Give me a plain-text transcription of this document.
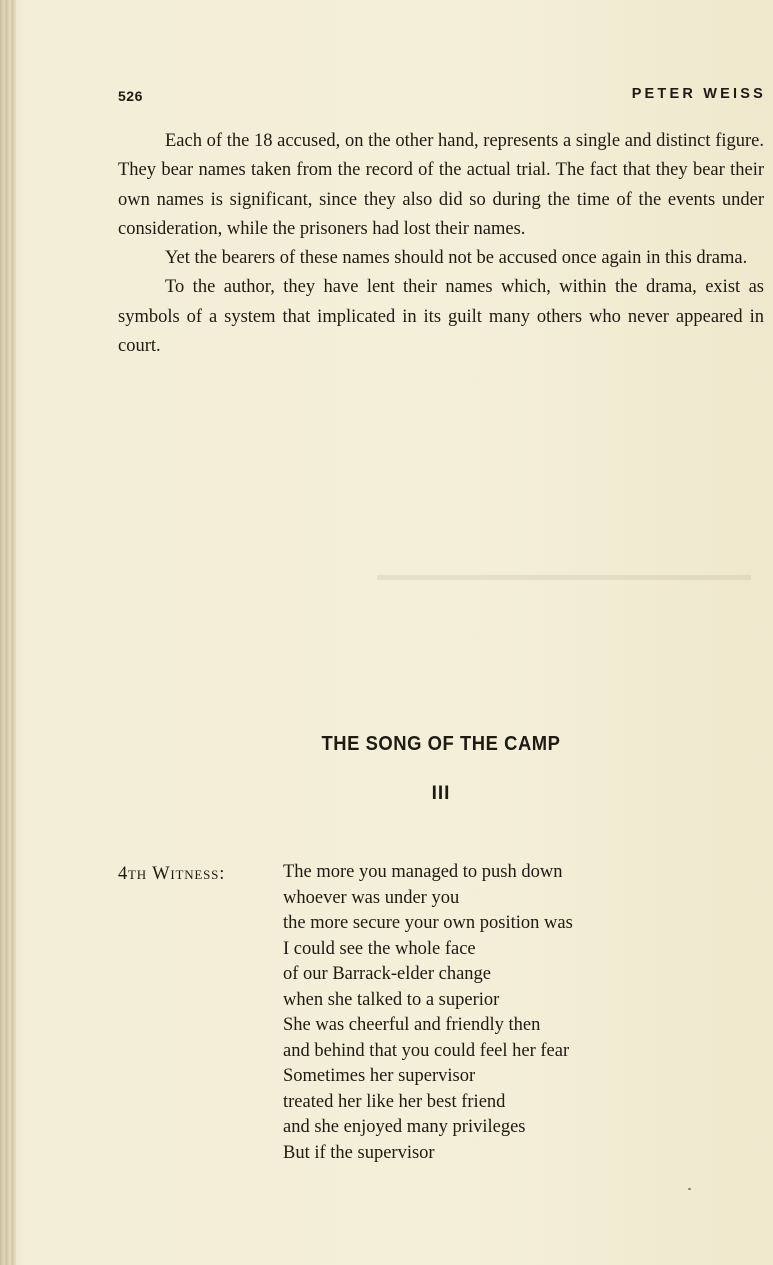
 ▬▬▬▬▬▬▬▬▬▬▬▬▬▬▬▬▬▬▬▬▬▬
526	PETER WEISS

Each of the 18 accused, on the other hand, represents a single and distinct figure. They bear names taken from the record of the actual trial. The fact that they bear their own names is significant, since they also did so during the time of the events under consideration, while the prisoners had lost their names.

Yet the bearers of these names should not be accused once again in this drama.

To the author, they have lent their names which, within the drama, exist as symbols of a system that implicated in its guilt many others who never appeared in court.

THE SONG OF THE CAMP
III
4th Witness:	The more you managed to push down
whoever was under you
the more secure your own position was
I could see the whole face
of our Barrack-elder change
when she talked to a superior
She was cheerful and friendly then
and behind that you could feel her fear
Sometimes her supervisor
treated her like her best friend
and she enjoyed many privileges
But if the supervisor
